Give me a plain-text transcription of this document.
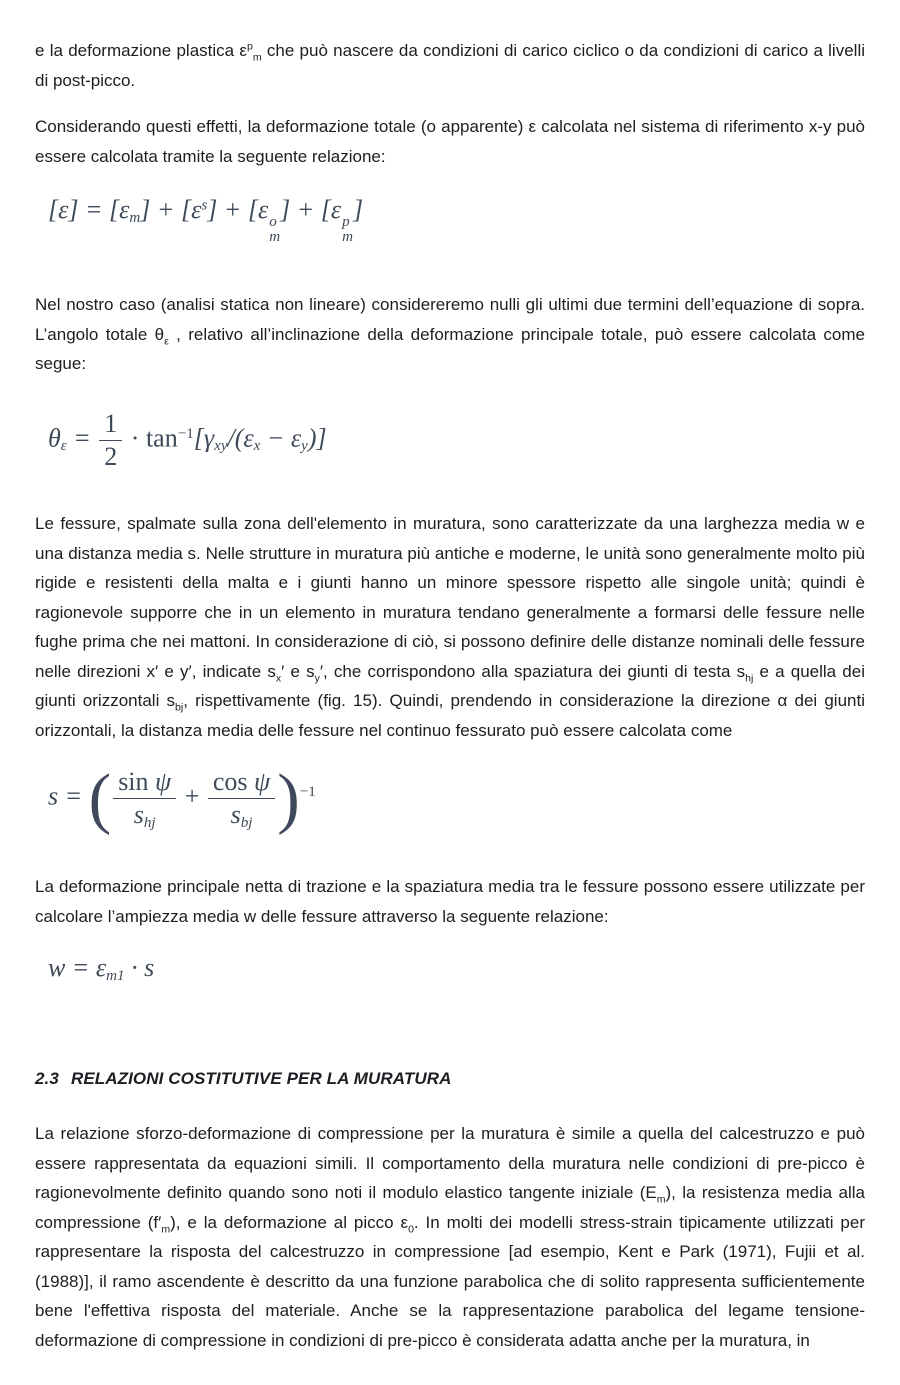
e la deformazione plastica $\varepsilon^p_m$ che può nascere da condizioni di carico ciclico o da condizioni di carico a livelli di post-picco.

Considerando questi effetti, la deformazione totale (o apparente) ε calcolata nel sistema di riferimento x-y può essere calcolata tramite la seguente relazione:

$[\varepsilon] = [\varepsilon_m] + [\varepsilon^s] + [\varepsilon$ o
m
] + [ε p
m
]

Nel nostro caso (analisi statica non lineare) considereremo nulli gli ultimi due termini dell’equazione di sopra. L’angolo totale $\theta_\varepsilon$ , relativo all’inclinazione della deformazione principale totale, può essere calcolata come segue:

$\theta_\varepsilon = \frac{1}{2} \cdot \tan^{-1}[\gamma_{xy}/(\varepsilon_x - \varepsilon_y)]$

Le fessure, spalmate sulla zona dell'elemento in muratura, sono caratterizzate da una larghezza media w e una distanza media s. Nelle strutture in muratura più antiche e moderne, le unità sono generalmente molto più rigide e resistenti della malta e i giunti hanno un minore spessore rispetto alle singole unità; quindi è ragionevole supporre che in un elemento in muratura tendano generalmente a formarsi delle fessure nelle fughe prima che nei mattoni. In considerazione di ciò, si possono definire delle distanze nominali delle fessure nelle direzioni x′ e y′, indicate $s_x'$ e $s_y'$, che corrispondono alla spaziatura dei giunti di testa $s_{hj}$ e a quella dei giunti orizzontali $s_{bj}$, rispettivamente (fig. 15). Quindi, prendendo in considerazione la direzione α dei giunti orizzontali, la distanza media delle fessure nel continuo fessurato può essere calcolata come

s = ( $\frac{\text{sin ψ}}{s_{hj}} + \frac{\text{cos ψ}}{s_{bj}} )^{-1}$

La deformazione principale netta di trazione e la spaziatura media tra le fessure possono essere utilizzate per calcolare l’ampiezza media w delle fessure attraverso la seguente relazione:

$w = \varepsilon_{m1} \cdot s$
2.3 RELAZIONI COSTITUTIVE PER LA MURATURA

La relazione sforzo-deformazione di compressione per la muratura è simile a quella del calcestruzzo e può essere rappresentata da equazioni simili. Il comportamento della muratura nelle condizioni di pre-picco è ragionevolmente definito quando sono noti il modulo elastico tangente iniziale $(E_m)$, la resistenza media alla compressione $(f'_m)$, e la deformazione al picco $\varepsilon_0$. In molti dei modelli stress-strain tipicamente utilizzati per rappresentare la risposta del calcestruzzo in compressione [ad esempio, Kent e Park (1971), Fujii et al. (1988)], il ramo ascendente è descritto da una funzione parabolica che di solito rappresenta sufficientemente bene l'effettiva risposta del materiale. Anche se la rappresentazione parabolica del legame tensione-deformazione di compressione in condizioni di pre-picco è considerata adatta anche per la muratura, in
